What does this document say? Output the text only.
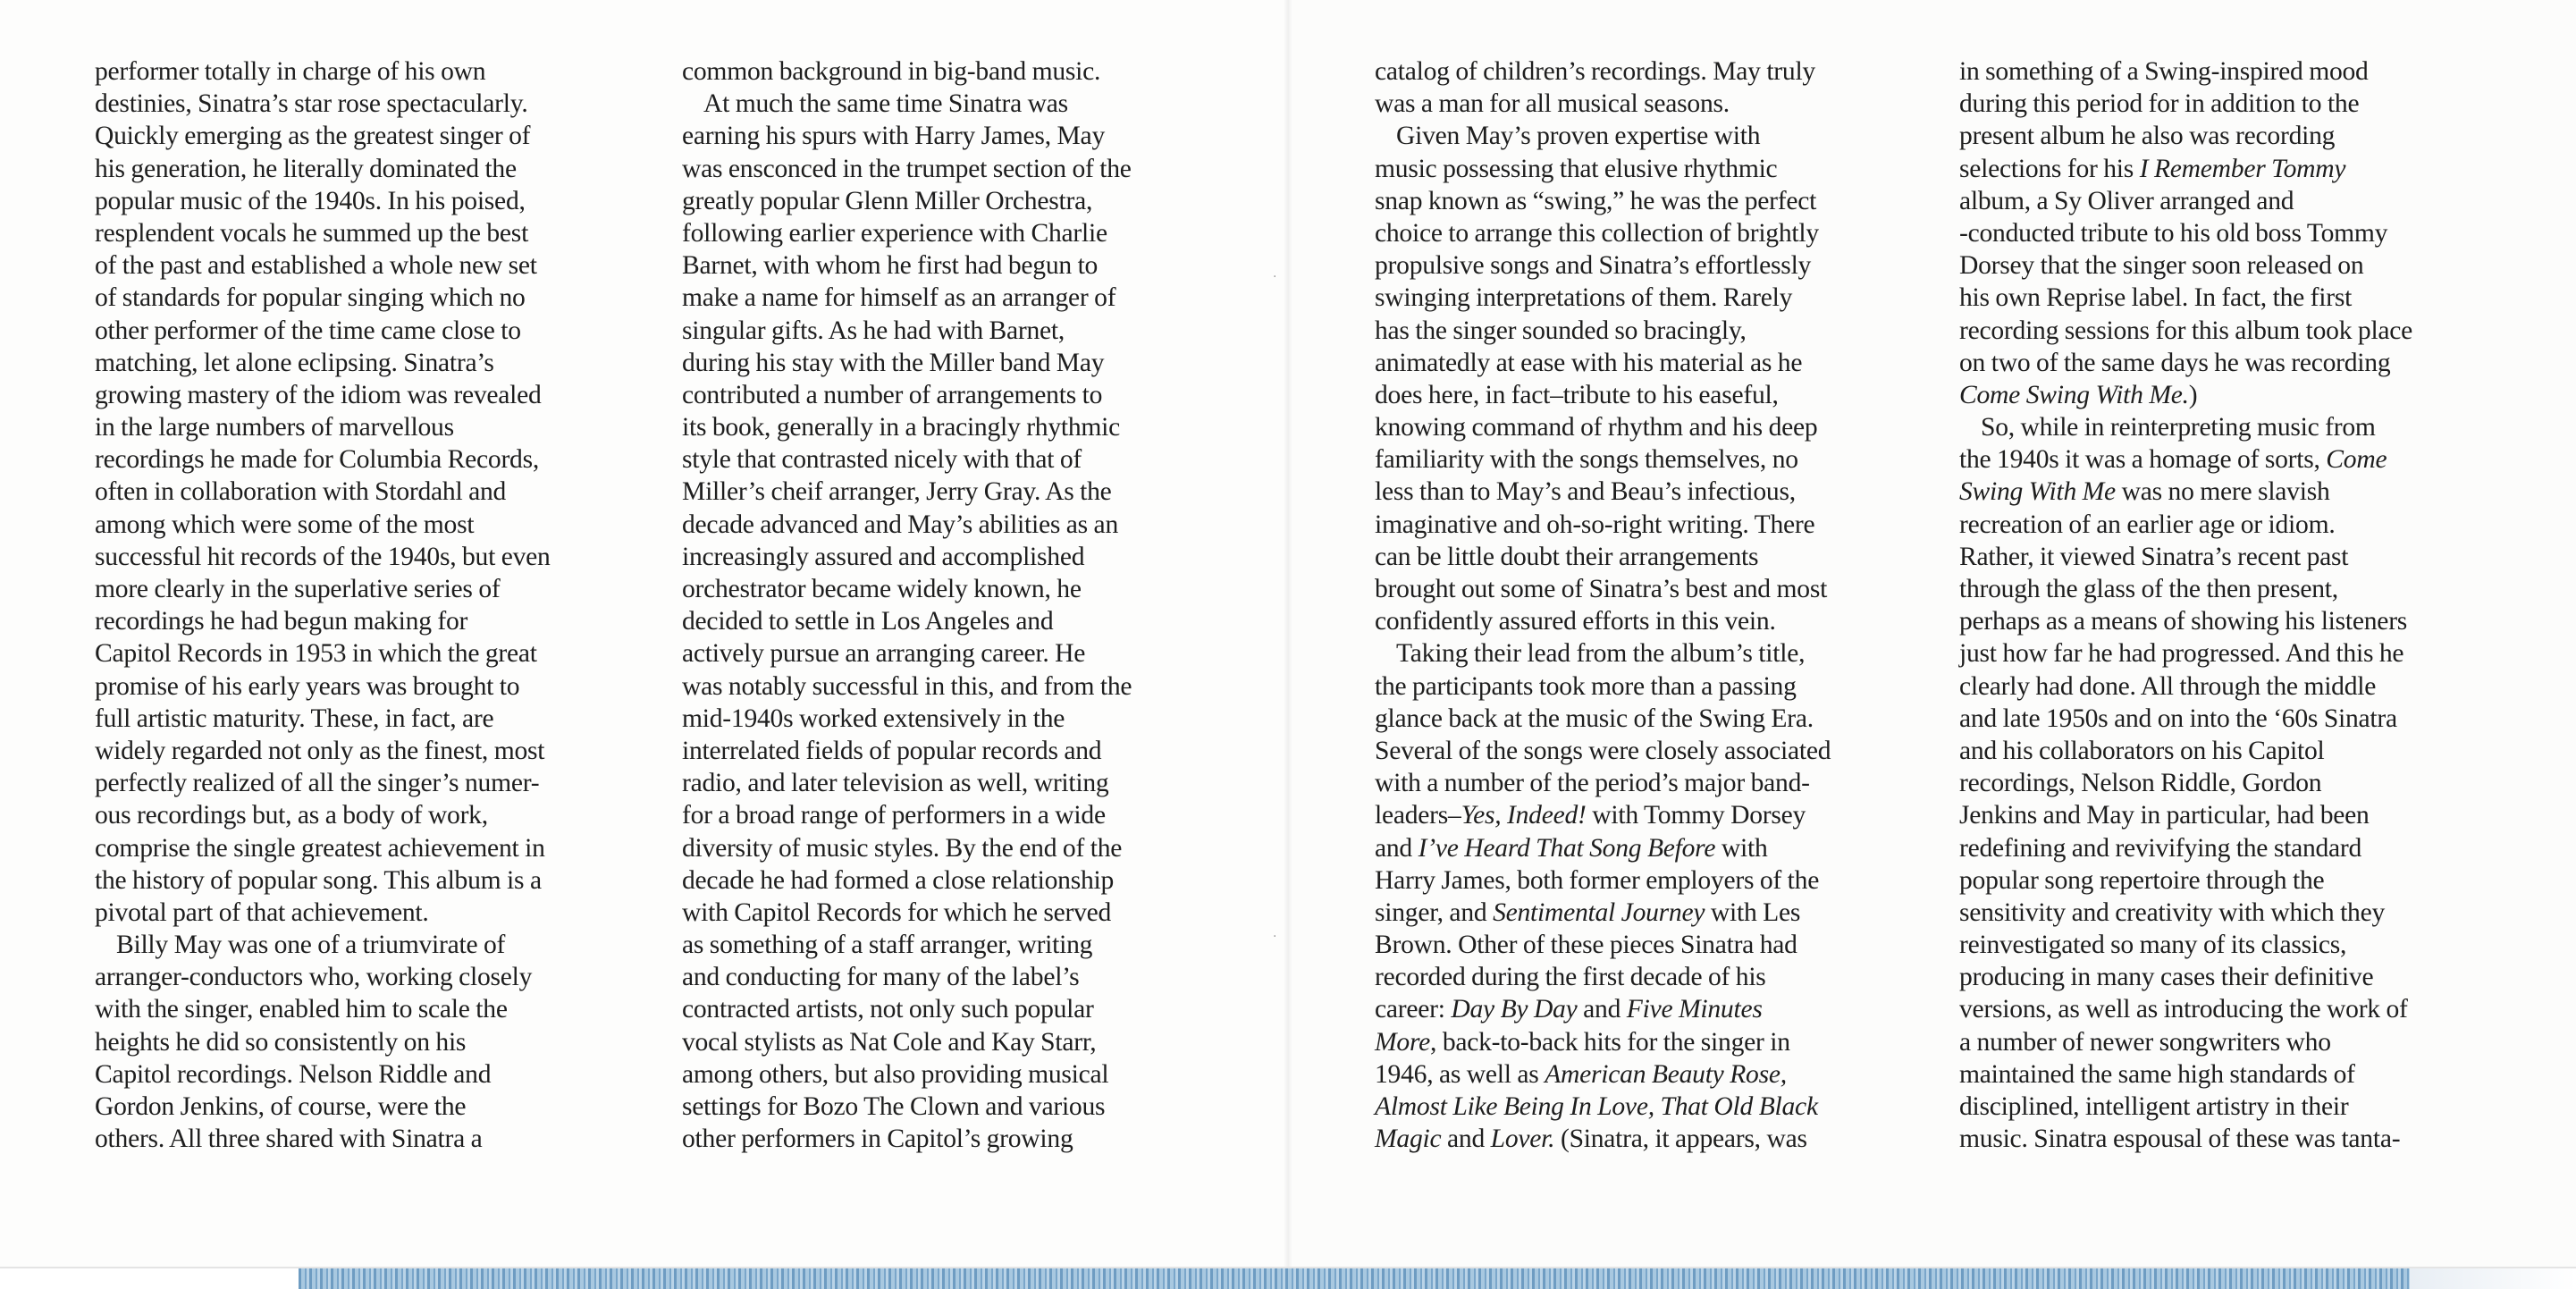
performer totally in charge of his own
destinies, Sinatra’s star rose spectacularly.
Quickly emerging as the greatest singer of
his generation, he literally dominated the
popular music of the 1940s. In his poised,
resplendent vocals he summed up the best
of the past and established a whole new set
of standards for popular singing which no
other performer of the time came close to
matching, let alone eclipsing. Sinatra’s
growing mastery of the idiom was revealed
in the large numbers of marvellous
recordings he made for Columbia Records,
often in collaboration with Stordahl and
among which were some of the most
successful hit records of the 1940s, but even
more clearly in the superlative series of
recordings he had begun making for
Capitol Records in 1953 in which the great
promise of his early years was brought to
full artistic maturity. These, in fact, are
widely regarded not only as the finest, most
perfectly realized of all the singer’s numer-
ous recordings but, as a body of work,
comprise the single greatest achievement in
the history of popular song. This album is a
pivotal part of that achievement.
Billy May was one of a triumvirate of
arranger-conductors who, working closely
with the singer, enabled him to scale the
heights he did so consistently on his
Capitol recordings. Nelson Riddle and
Gordon Jenkins, of course, were the
others. All three shared with Sinatra a
common background in big-band music.
At much the same time Sinatra was
earning his spurs with Harry James, May
was ensconced in the trumpet section of the
greatly popular Glenn Miller Orchestra,
following earlier experience with Charlie
Barnet, with whom he first had begun to
make a name for himself as an arranger of
singular gifts. As he had with Barnet,
during his stay with the Miller band May
contributed a number of arrangements to
its book, generally in a bracingly rhythmic
style that contrasted nicely with that of
Miller’s cheif arranger, Jerry Gray. As the
decade advanced and May’s abilities as an
increasingly assured and accomplished
orchestrator became widely known, he
decided to settle in Los Angeles and
actively pursue an arranging career. He
was notably successful in this, and from the
mid-1940s worked extensively in the
interrelated fields of popular records and
radio, and later television as well, writing
for a broad range of performers in a wide
diversity of music styles. By the end of the
decade he had formed a close relationship
with Capitol Records for which he served
as something of a staff arranger, writing
and conducting for many of the label’s
contracted artists, not only such popular
vocal stylists as Nat Cole and Kay Starr,
among others, but also providing musical
settings for Bozo The Clown and various
other performers in Capitol’s growing
catalog of children’s recordings. May truly
was a man for all musical seasons.
Given May’s proven expertise with
music possessing that elusive rhythmic
snap known as “swing,” he was the perfect
choice to arrange this collection of brightly
propulsive songs and Sinatra’s effortlessly
swinging interpretations of them. Rarely
has the singer sounded so bracingly,
animatedly at ease with his material as he
does here, in fact–tribute to his easeful,
knowing command of rhythm and his deep
familiarity with the songs themselves, no
less than to May’s and Beau’s infectious,
imaginative and oh-so-right writing. There
can be little doubt their arrangements
brought out some of Sinatra’s best and most
confidently assured efforts in this vein.
Taking their lead from the album’s title,
the participants took more than a passing
glance back at the music of the Swing Era.
Several of the songs were closely associated
with a number of the period’s major band-
leaders–Yes, Indeed! with Tommy Dorsey
and I’ve Heard That Song Before with
Harry James, both former employers of the
singer, and Sentimental Journey with Les
Brown. Other of these pieces Sinatra had
recorded during the first decade of his
career: Day By Day and Five Minutes
More, back-to-back hits for the singer in
1946, as well as American Beauty Rose,
Almost Like Being In Love, That Old Black
Magic and Lover. (Sinatra, it appears, was
in something of a Swing-inspired mood
during this period for in addition to the
present album he also was recording
selections for his I Remember Tommy
album, a Sy Oliver arranged and
-conducted tribute to his old boss Tommy
Dorsey that the singer soon released on
his own Reprise label. In fact, the first
recording sessions for this album took place
on two of the same days he was recording
Come Swing With Me.)
So, while in reinterpreting music from
the 1940s it was a homage of sorts, Come
Swing With Me was no mere slavish
recreation of an earlier age or idiom.
Rather, it viewed Sinatra’s recent past
through the glass of the then present,
perhaps as a means of showing his listeners
just how far he had progressed. And this he
clearly had done. All through the middle
and late 1950s and on into the ‘60s Sinatra
and his collaborators on his Capitol
recordings, Nelson Riddle, Gordon
Jenkins and May in particular, had been
redefining and revivifying the standard
popular song repertoire through the
sensitivity and creativity with which they
reinvestigated so many of its classics,
producing in many cases their definitive
versions, as well as introducing the work of
a number of newer songwriters who
maintained the same high standards of
disciplined, intelligent artistry in their
music. Sinatra espousal of these was tanta-
·
·
